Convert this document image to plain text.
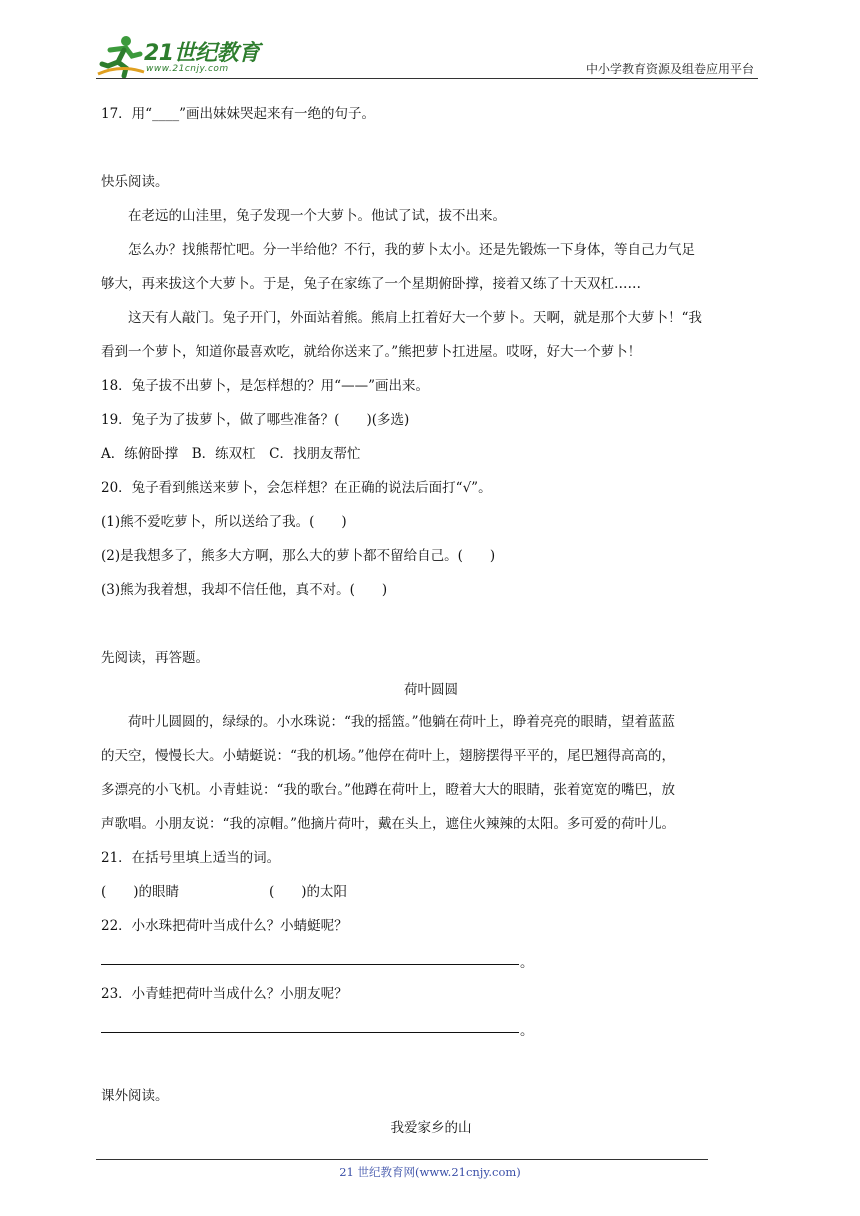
21世纪教育
www.21cnjy.com	中小学教育资源及组卷应用平台
17．用“____”画出妹妹哭起来有一绝的句子。
快乐阅读。
在老远的山洼里，兔子发现一个大萝卜。他试了试，拔不出来。
怎么办？找熊帮忙吧。分一半给他？不行，我的萝卜太小。还是先锻炼一下身体，等自己力气足
够大，再来拔这个大萝卜。于是，兔子在家练了一个星期俯卧撑，接着又练了十天双杠……
这天有人敲门。兔子开门，外面站着熊。熊肩上扛着好大一个萝卜。天啊，就是那个大萝卜！“我
看到一个萝卜，知道你最喜欢吃，就给你送来了。”熊把萝卜扛进屋。哎呀，好大一个萝卜！
18．兔子拔不出萝卜，是怎样想的？用“——”画出来。
19．兔子为了拔萝卜，做了哪些准备？(　　)(多选)
A．练俯卧撑　B．练双杠　C．找朋友帮忙
20．兔子看到熊送来萝卜，会怎样想？在正确的说法后面打“√”。
(1)熊不爱吃萝卜，所以送给了我。(　　)
(2)是我想多了，熊多大方啊，那么大的萝卜都不留给自己。(　　)
(3)熊为我着想，我却不信任他，真不对。(　　)
先阅读，再答题。
荷叶圆圆
荷叶儿圆圆的，绿绿的。小水珠说：“我的摇篮。”他躺在荷叶上，睁着亮亮的眼睛，望着蓝蓝
的天空，慢慢长大。小蜻蜓说：“我的机场。”他停在荷叶上，翅膀摆得平平的，尾巴翘得高高的，
多漂亮的小飞机。小青蛙说：“我的歌台。”他蹲在荷叶上，瞪着大大的眼睛，张着宽宽的嘴巴，放
声歌唱。小朋友说：“我的凉帽。”他摘片荷叶，戴在头上，遮住火辣辣的太阳。多可爱的荷叶儿。
21．在括号里填上适当的词。
(　　)的眼睛	(　　)的太阳
22．小水珠把荷叶当成什么？小蜻蜓呢？
。
23．小青蛙把荷叶当成什么？小朋友呢？
。
课外阅读。
我爱家乡的山
21 世纪教育网(www.21cnjy.com)
